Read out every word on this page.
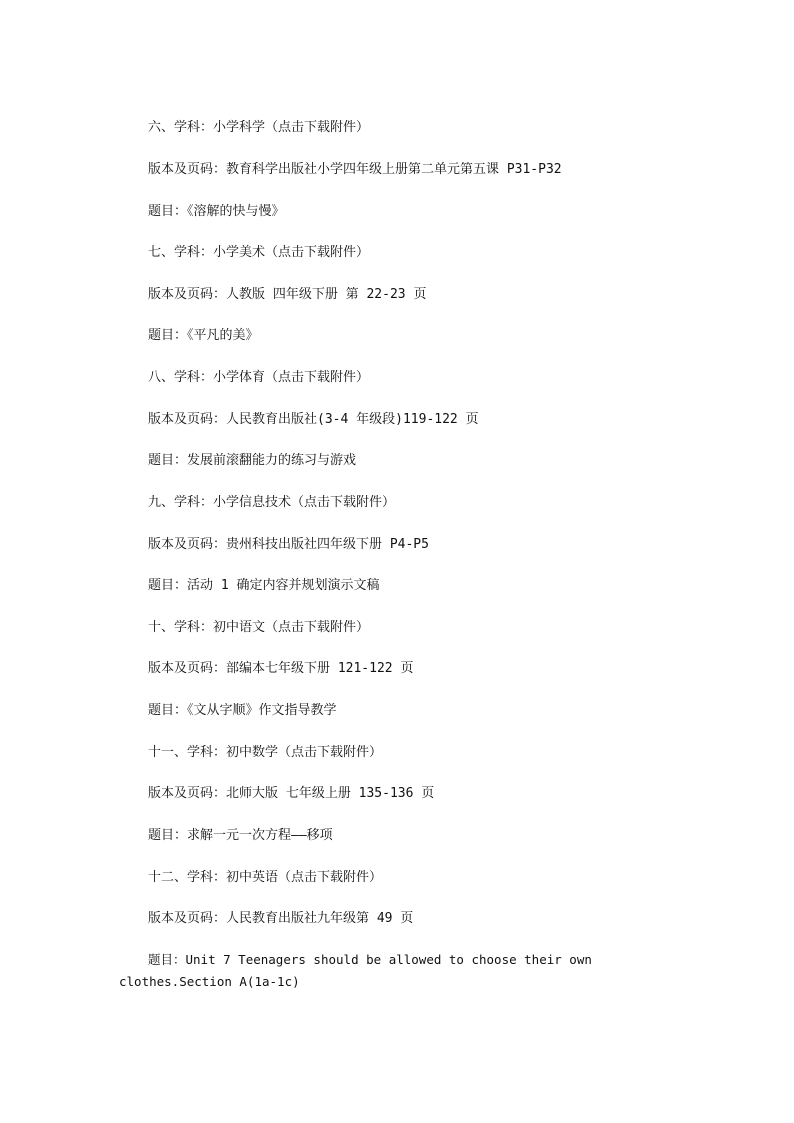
六、学科：小学科学（点击下载附件）
版本及页码：教育科学出版社小学四年级上册第二单元第五课 P31-P32
题目：《溶解的快与慢》
七、学科：小学美术（点击下载附件）
版本及页码：人教版 四年级下册 第 22-23 页
题目：《平凡的美》
八、学科：小学体育（点击下载附件）
版本及页码：人民教育出版社(3-4 年级段)119-122 页
题目：发展前滚翻能力的练习与游戏
九、学科：小学信息技术（点击下载附件）
版本及页码：贵州科技出版社四年级下册 P4-P5
题目：活动 1 确定内容并规划演示文稿
十、学科：初中语文（点击下载附件）
版本及页码：部编本七年级下册 121-122 页
题目：《文从字顺》作文指导教学
十一、学科：初中数学（点击下载附件）
版本及页码：北师大版 七年级上册 135-136 页
题目：求解一元一次方程——移项
十二、学科：初中英语（点击下载附件）
版本及页码：人民教育出版社九年级第 49 页
题目：Unit 7 Teenagers should be allowed to choose their own
clothes.Section A(1a-1c)
